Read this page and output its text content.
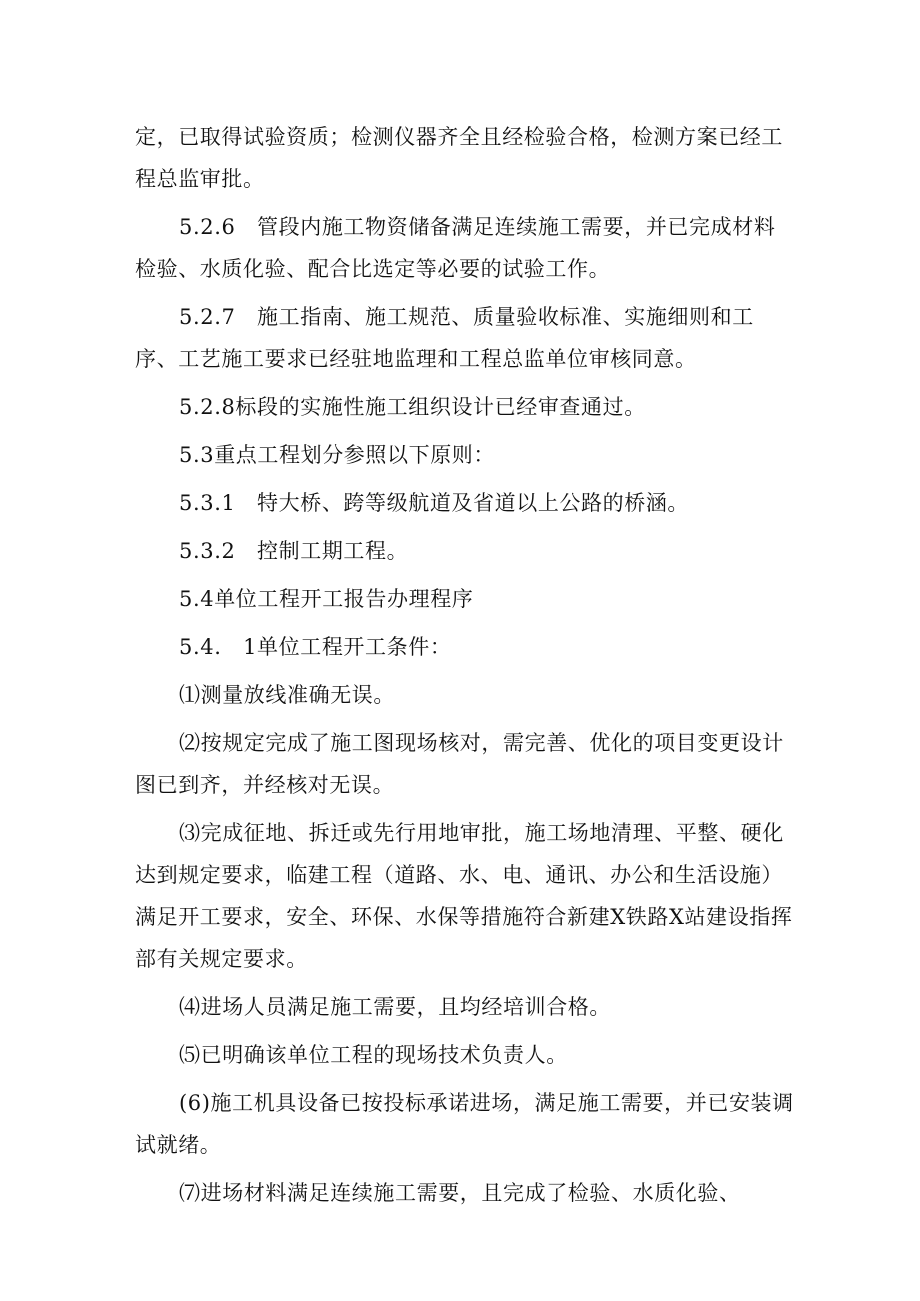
定，已取得试验资质；检测仪器齐全且经检验合格，检测方案已经工程总监审批。

5.2.6　管段内施工物资储备满足连续施工需要，并已完成材料检验、水质化验、配合比选定等必要的试验工作。

5.2.7　施工指南、施工规范、质量验收标准、实施细则和工序、工艺施工要求已经驻地监理和工程总监单位审核同意。

5.2.8标段的实施性施工组织设计已经审查通过。

5.3重点工程划分参照以下原则：

5.3.1　特大桥、跨等级航道及省道以上公路的桥涵。

5.3.2　控制工期工程。

5.4单位工程开工报告办理程序

5.4.　1单位工程开工条件：

⑴测量放线准确无误。

⑵按规定完成了施工图现场核对，需完善、优化的项目变更设计图已到齐，并经核对无误。

⑶完成征地、拆迁或先行用地审批，施工场地清理、平整、硬化达到规定要求，临建工程（道路、水、电、通讯、办公和生活设施）满足开工要求，安全、环保、水保等措施符合新建X铁路X站建设指挥部有关规定要求。

⑷进场人员满足施工需要，且均经培训合格。

⑸已明确该单位工程的现场技术负责人。

(6)施工机具设备已按投标承诺进场，满足施工需要，并已安装调试就绪。

⑺进场材料满足连续施工需要，且完成了检验、水质化验、
